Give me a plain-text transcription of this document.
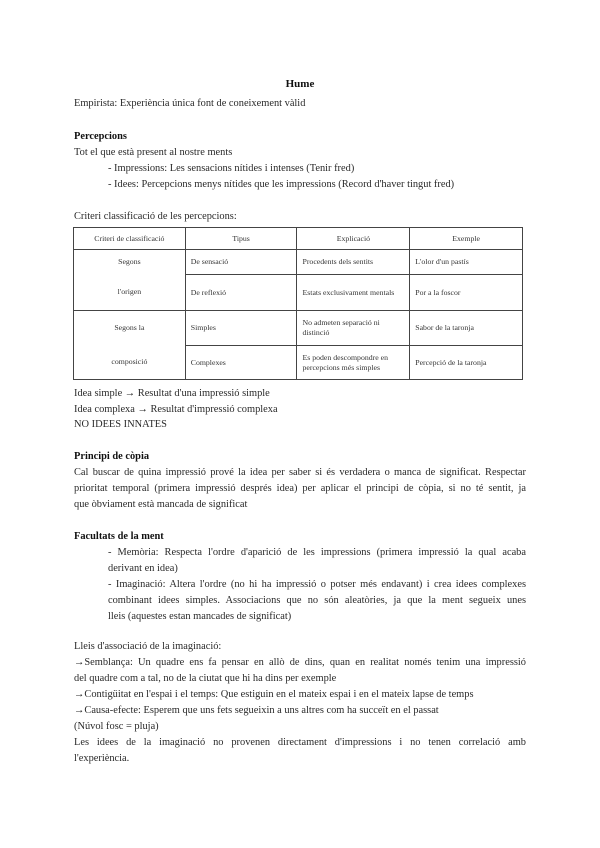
Hume
Empirista: Experiència única font de coneixement vàlid
Percepcions
Tot el que està present al nostre ments
- Impressions: Les sensacions nítides i intenses (Tenir fred)
- Idees: Percepcions menys nítides que les impressions (Record d'haver tingut fred)
Criteri classificació de les percepcions:
Criteri de classificació	Tipus	Explicació	Exemple
Segons	De sensació	Procedents dels sentits	L'olor d'un pastís
l'origen	De reflexió	Estats exclusivament mentals	Por a la foscor
Segons la	Simples	No admeten separació ni distinció	Sabor de la taronja
composició	Complexes	Es poden descompondre en percepcions més simples	Percepció de la taronja
Idea simple → Resultat d'una impressió simple
Idea complexa → Resultat d'impressió complexa
NO IDEES INNATES
Principi de còpia
Cal buscar de quina impressió prové la idea per saber si és verdadera o manca de significat. Respectar
prioritat temporal (primera impressió després idea) per aplicar el principi de còpia, si no té sentit, ja
que òbviament està mancada de significat
Facultats de la ment
- Memòria: Respecta l'ordre d'aparició de les impressions (primera impressió la qual acaba
derivant en idea)
- Imaginació: Altera l'ordre (no hi ha impressió o potser més endavant) i crea idees complexes
combinant idees simples. Associacions que no són aleatòries, ja que la ment segueix unes
lleis (aquestes estan mancades de significat)
Lleis d'associació de la imaginació:
→Semblança: Un quadre ens fa pensar en allò de dins, quan en realitat només tenim una impressió
del quadre com a tal, no de la ciutat que hi ha dins per exemple
→Contigüitat en l'espai i el temps: Que estiguin en el mateix espai i en el mateix lapse de temps
→Causa-efecte: Esperem que uns fets segueixin a uns altres com ha succeït en el passat
(Núvol fosc = pluja)
Les idees de la imaginació no provenen directament d'impressions i no tenen correlació amb
l'experiència.
